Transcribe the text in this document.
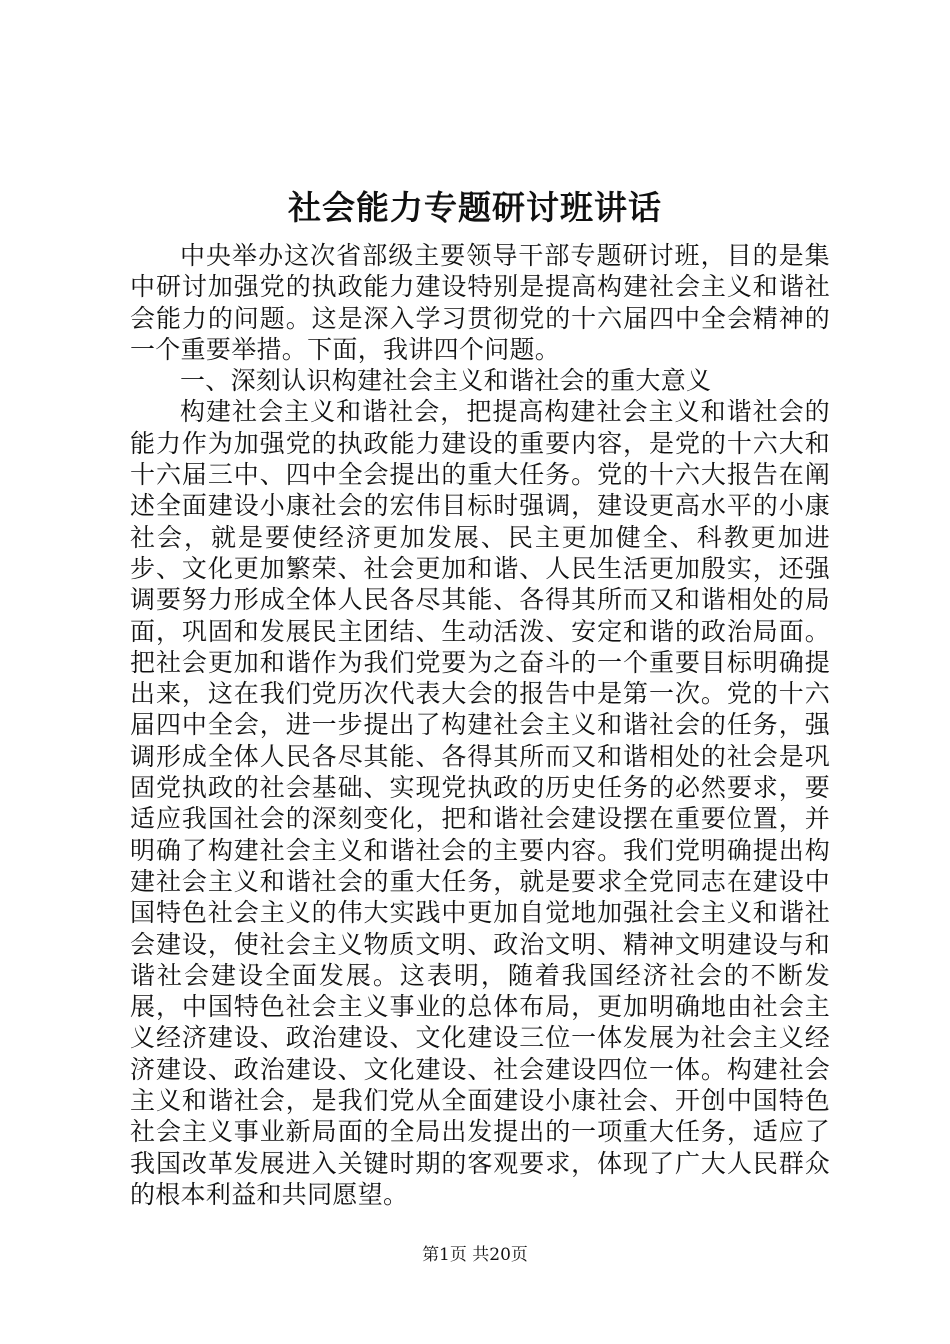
社会能力专题研讨班讲话

中央举办这次省部级主要领导干部专题研讨班，目的是集中研讨加强党的执政能力建设特别是提高构建社会主义和谐社会能力的问题。这是深入学习贯彻党的十六届四中全会精神的一个重要举措。下面，我讲四个问题。

一、深刻认识构建社会主义和谐社会的重大意义

构建社会主义和谐社会，把提高构建社会主义和谐社会的能力作为加强党的执政能力建设的重要内容，是党的十六大和十六届三中、四中全会提出的重大任务。党的十六大报告在阐述全面建设小康社会的宏伟目标时强调，建设更高水平的小康社会，就是要使经济更加发展、民主更加健全、科教更加进步、文化更加繁荣、社会更加和谐、人民生活更加殷实，还强调要努力形成全体人民各尽其能、各得其所而又和谐相处的局面，巩固和发展民主团结、生动活泼、安定和谐的政治局面。把社会更加和谐作为我们党要为之奋斗的一个重要目标明确提出来，这在我们党历次代表大会的报告中是第一次。党的十六届四中全会，进一步提出了构建社会主义和谐社会的任务，强调形成全体人民各尽其能、各得其所而又和谐相处的社会是巩固党执政的社会基础、实现党执政的历史任务的必然要求，要适应我国社会的深刻变化，把和谐社会建设摆在重要位置，并明确了构建社会主义和谐社会的主要内容。我们党明确提出构建社会主义和谐社会的重大任务，就是要求全党同志在建设中国特色社会主义的伟大实践中更加自觉地加强社会主义和谐社会建设，使社会主义物质文明、政治文明、精神文明建设与和谐社会建设全面发展。这表明，随着我国经济社会的不断发展，中国特色社会主义事业的总体布局，更加明确地由社会主义经济建设、政治建设、文化建设三位一体发展为社会主义经济建设、政治建设、文化建设、社会建设四位一体。构建社会主义和谐社会，是我们党从全面建设小康社会、开创中国特色社会主义事业新局面的全局出发提出的一项重大任务，适应了我国改革发展进入关键时期的客观要求，体现了广大人民群众的根本利益和共同愿望。

第1页 共20页
